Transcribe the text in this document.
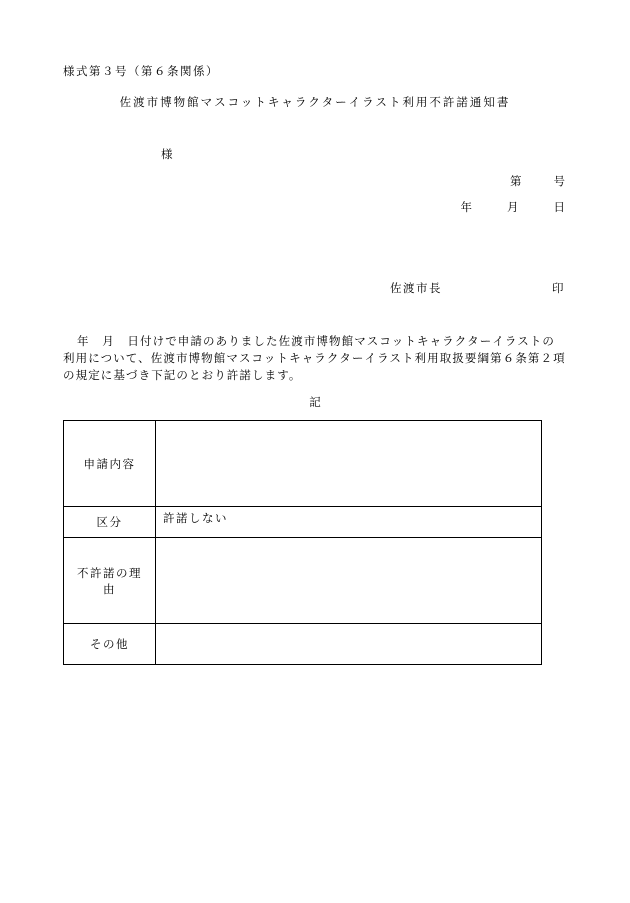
様式第３号（第６条関係）
佐渡市博物館マスコットキャラクターイラスト利用不許諾通知書
様
第	号
年	月	日
佐渡市長	印
年　月　日付けで申請のありました佐渡市博物館マスコットキャラクターイラストの利用について、佐渡市博物館マスコットキャラクターイラスト利用取扱要綱第６条第２項の規定に基づき下記のとおり許諾します。
記
申請内容	
区分	許諾しない

不許諾の理由	

その他	
